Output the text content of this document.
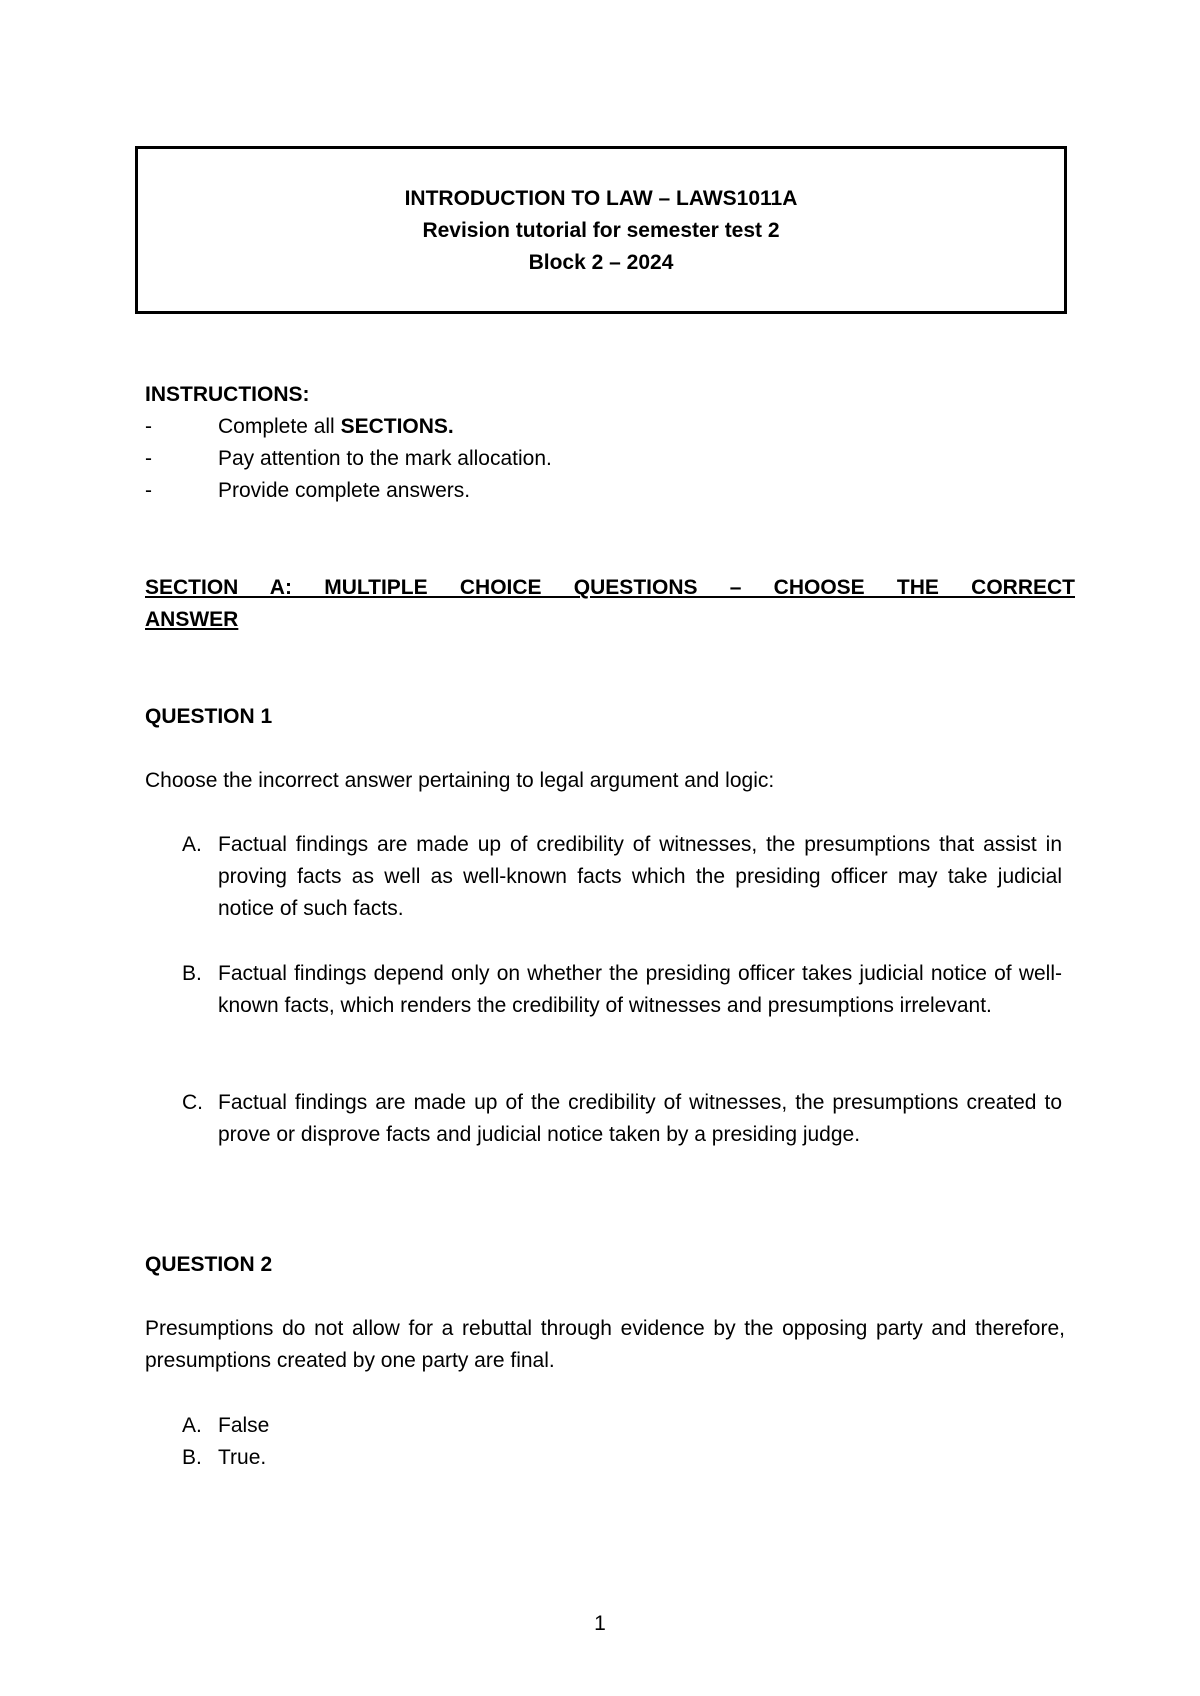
INTRODUCTION TO LAW – LAWS1011A
Revision tutorial for semester test 2
Block 2 – 2024
INSTRUCTIONS:
-	Complete all SECTIONS.
-	Pay attention to the mark allocation.
-	Provide complete answers.
SECTION A: MULTIPLE CHOICE QUESTIONS – CHOOSE THE CORRECT
ANSWER
QUESTION 1
Choose the incorrect answer pertaining to legal argument and logic:
A. Factual findings are made up of credibility of witnesses, the presumptions that assist in proving facts as well as well-known facts which the presiding officer may take judicial notice of such facts.
B. Factual findings depend only on whether the presiding officer takes judicial notice of well-known facts, which renders the credibility of witnesses and presumptions irrelevant.
C. Factual findings are made up of the credibility of witnesses, the presumptions created to prove or disprove facts and judicial notice taken by a presiding judge.
QUESTION 2
Presumptions do not allow for a rebuttal through evidence by the opposing party and therefore, presumptions created by one party are final.
A. False
B. True.
1
